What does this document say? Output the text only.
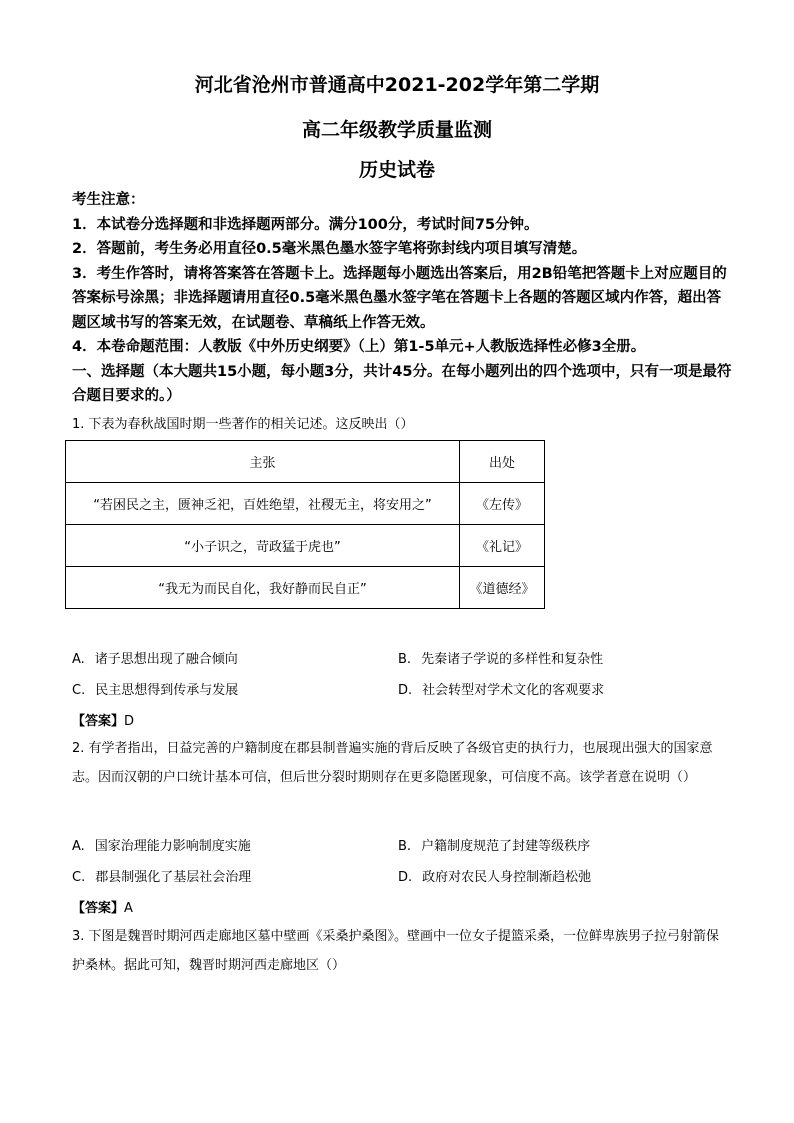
河北省沧州市普通高中2021-202学年第二学期
高二年级教学质量监测
历史试卷

考生注意：

1．本试卷分选择题和非选择题两部分。满分100分，考试时间75分钟。

2．答题前，考生务必用直径0.5毫米黑色墨水签字笔将弥封线内项目填写清楚。

3．考生作答时，请将答案答在答题卡上。选择题每小题选出答案后，用2B铅笔把答题卡上对应题目的答案标号涂黑；非选择题请用直径0.5毫米黑色墨水签字笔在答题卡上各题的答题区域内作答，超出答题区域书写的答案无效，在试题卷、草稿纸上作答无效。

4．本卷命题范围：人教版《中外历史纲要》（上）第1-5单元+人教版选择性必修3全册。

一、选择题（本大题共15小题，每小题3分，共计45分。在每小题列出的四个选项中，只有一项是最符合题目要求的。）

1. 下表为春秋战国时期一些著作的相关记述。这反映出（）

主张	出处
“若困民之主，匮神乏祀，百姓绝望，社稷无主，将安用之”	《左传》
“小子识之，苛政猛于虎也”	《礼记》
“我无为而民自化，我好静而民自正”	《道德经》
A. 诸子思想出现了融合倾向	B. 先秦诸子学说的多样性和复杂性
C. 民主思想得到传承与发展	D. 社会转型对学术文化的客观要求
【答案】D

2. 有学者指出，日益完善的户籍制度在郡县制普遍实施的背后反映了各级官吏的执行力，也展现出强大的国家意志。因而汉朝的户口统计基本可信，但后世分裂时期则存在更多隐匿现象，可信度不高。该学者意在说明（）

A. 国家治理能力影响制度实施	B. 户籍制度规范了封建等级秩序
C. 郡县制强化了基层社会治理	D. 政府对农民人身控制渐趋松弛
【答案】A

3. 下图是魏晋时期河西走廊地区墓中壁画《采桑护桑图》。壁画中一位女子提篮采桑，一位鲜卑族男子拉弓射箭保护桑林。据此可知，魏晋时期河西走廊地区（）
